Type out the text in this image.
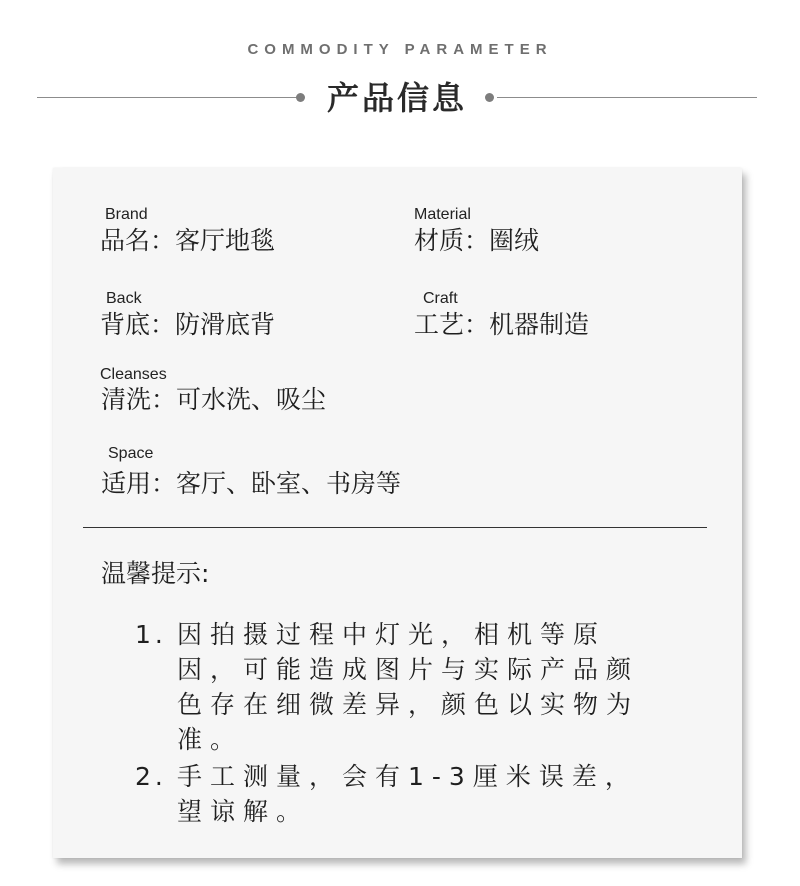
COMMODITY PARAMETER
产品信息
Brand
品名：客厅地毯
Material
材质：圈绒
Back
背底：防滑底背
Craft
工艺：机器制造
Cleanses
清洗：可水洗、吸尘
Space
适用：客厅、卧室、书房等
温馨提示:
1. 因拍摄过程中灯光，相机等原因，可能造成图片与实际产品颜色存在细微差异，颜色以实物为准。
2. 手工测量，会有1-3厘米误差，望谅解。
